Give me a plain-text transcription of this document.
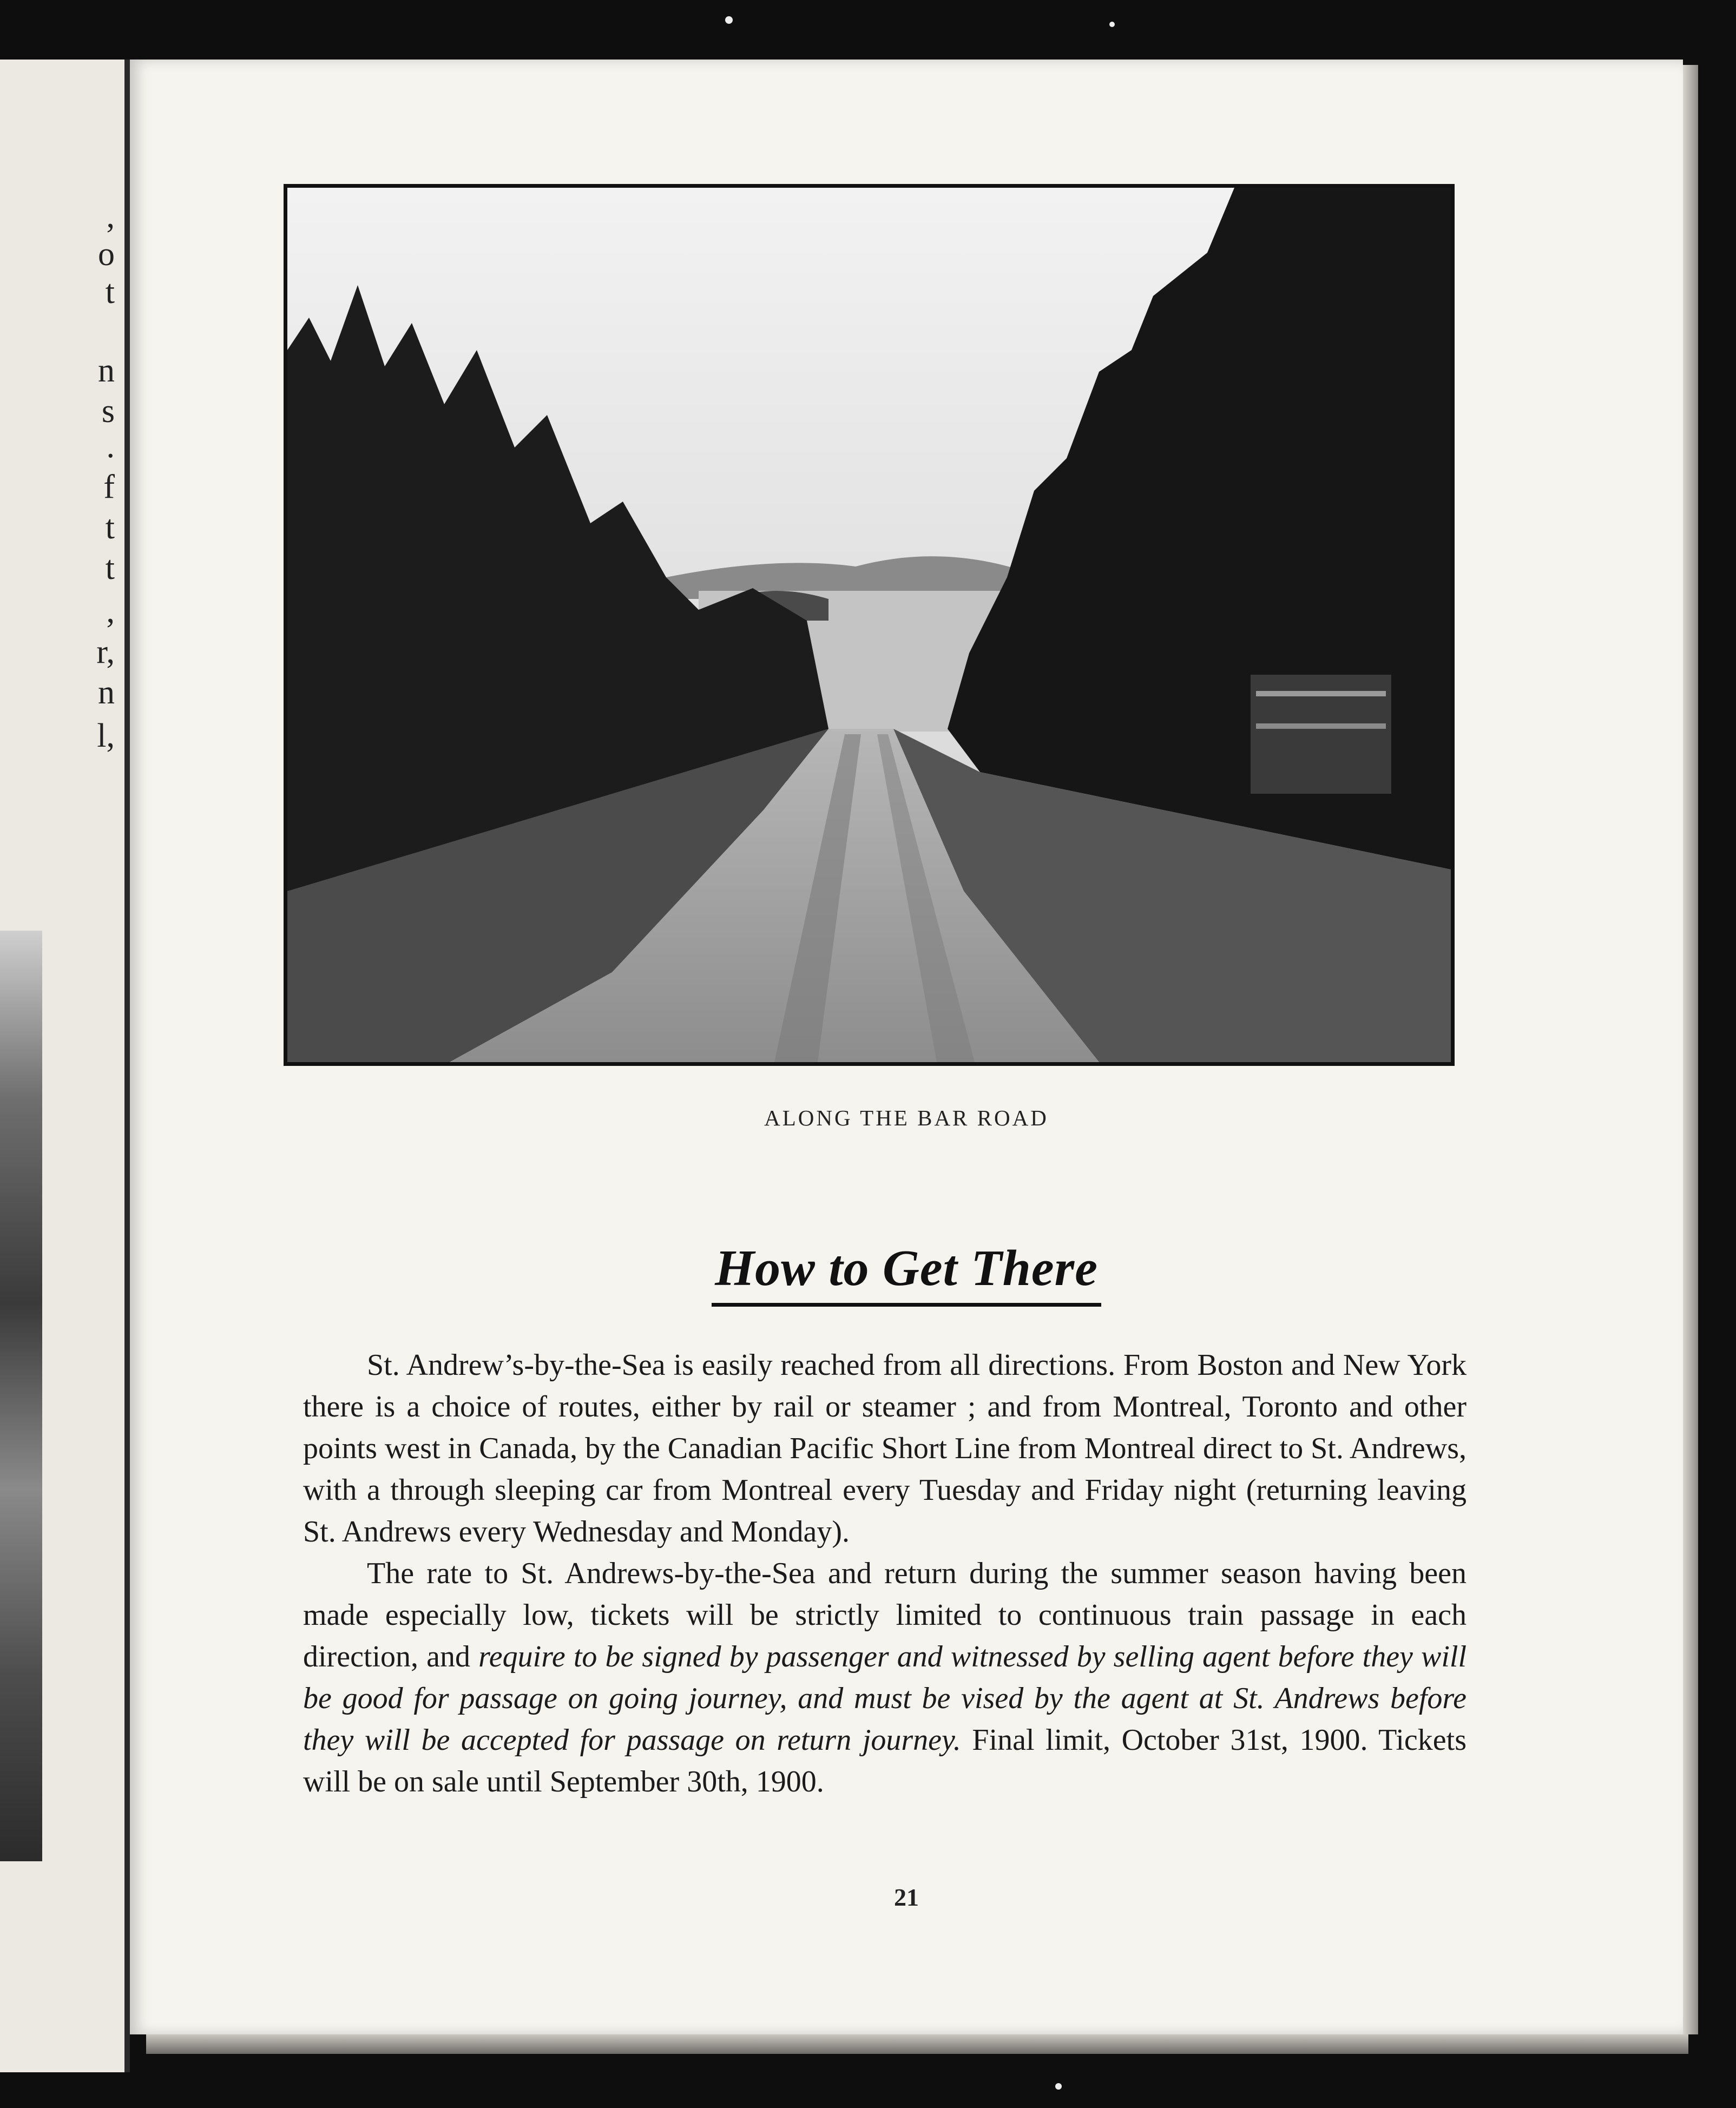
,
o
t
n
s
.
f
t
t
,
r,
n
l,
ALONG THE BAR ROAD
How to Get There

St. Andrew’s-by-the-Sea is easily reached from all directions. From Boston and New York there is a choice of routes, either by rail or steamer ; and from Montreal, Toronto and other points west in Canada, by the Canadian Pacific Short Line from Montreal direct to St. Andrews, with a through sleeping car from Montreal every Tuesday and Friday night (returning leaving St. Andrews every Wednesday and Monday).

The rate to St. Andrews-by-the-Sea and return during the summer season having been made especially low, tickets will be strictly limited to continuous train passage in each direction, and require to be signed by passenger and witnessed by selling agent before they will be good for passage on going journey, and must be vised by the agent at St. Andrews before they will be accepted for passage on return journey. Final limit, October 31st, 1900. Tickets will be on sale until September 30th, 1900.

21
